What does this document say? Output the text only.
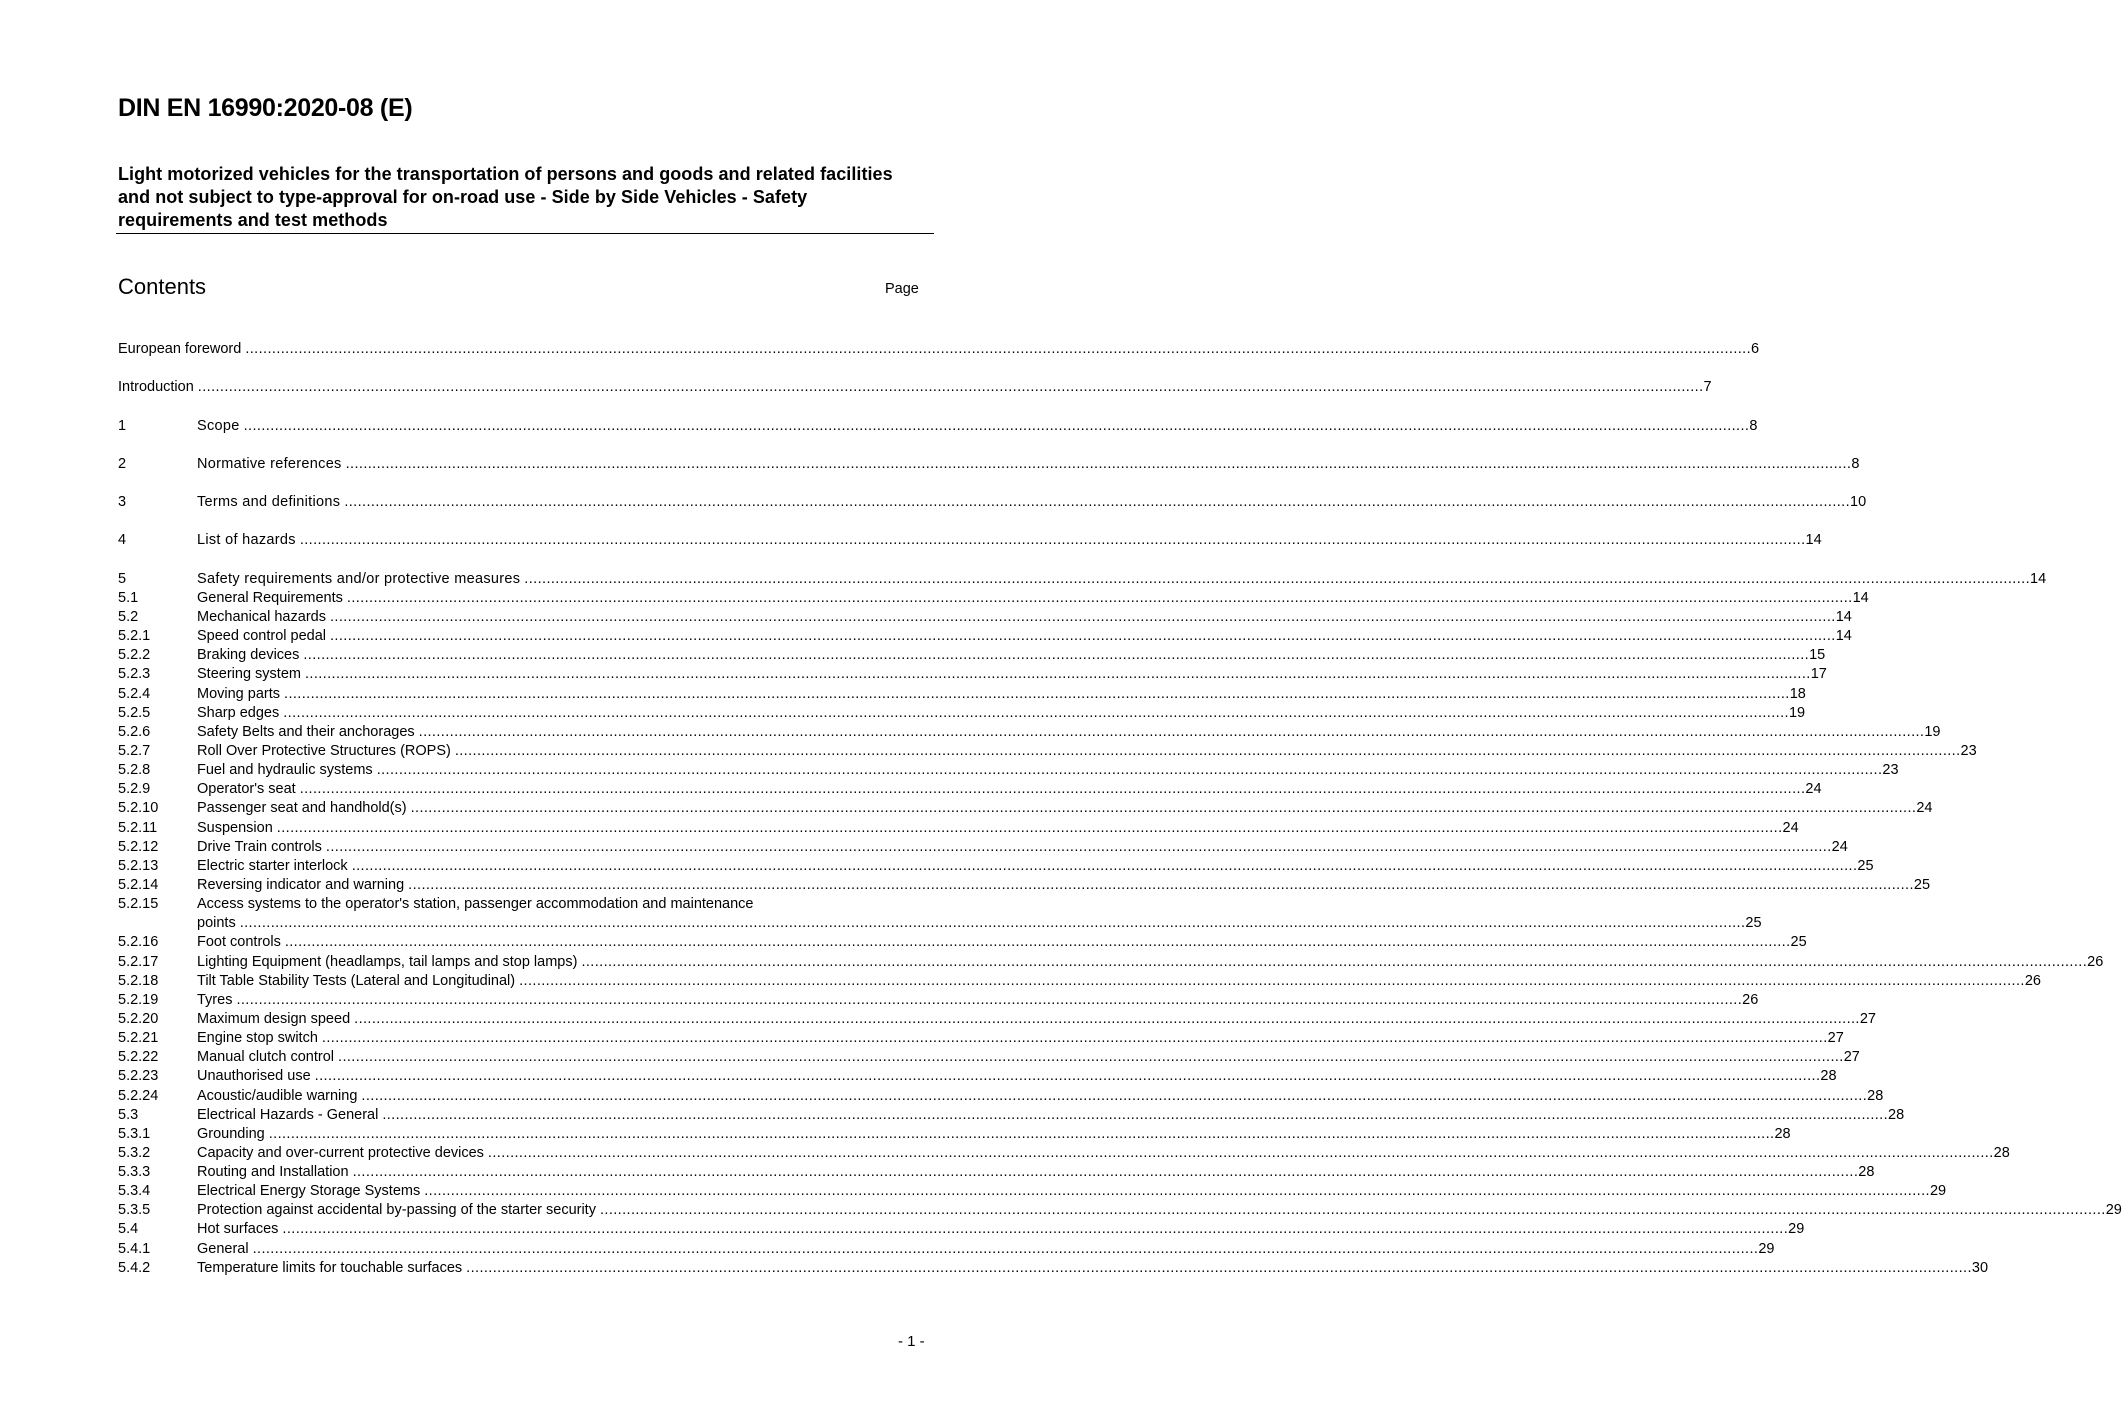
DIN EN 16990:2020-08 (E)
Light motorized vehicles for the transportation of persons and goods and related facilities and not subject to type-approval for on-road use - Side by Side Vehicles - Safety requirements and test methods
Contents	Page
European foreword .....	6
Introduction .....	7
1	Scope .....	8
2	Normative references .....	8
3	Terms and definitions .....	10
4	List of hazards .....	14
5	Safety requirements and/or protective measures .....	14
5.1	General Requirements .....	14
5.2	Mechanical hazards .....	14
5.2.1	Speed control pedal .....	14
5.2.2	Braking devices .....	15
5.2.3	Steering system .....	17
5.2.4	Moving parts .....	18
5.2.5	Sharp edges .....	19
5.2.6	Safety Belts and their anchorages .....	19
5.2.7	Roll Over Protective Structures (ROPS) .....	23
5.2.8	Fuel and hydraulic systems .....	23
5.2.9	Operator's seat .....	24
5.2.10	Passenger seat and handhold(s) .....	24
5.2.11	Suspension .....	24
5.2.12	Drive Train controls .....	24
5.2.13	Electric starter interlock .....	25
5.2.14	Reversing indicator and warning .....	25
5.2.15	Access systems to the operator's station, passenger accommodation and maintenance
points .....	25
5.2.16	Foot controls .....	25
5.2.17	Lighting Equipment (headlamps, tail lamps and stop lamps) .....	26
5.2.18	Tilt Table Stability Tests (Lateral and Longitudinal) .....	26
5.2.19	Tyres .....	26
5.2.20	Maximum design speed .....	27
5.2.21	Engine stop switch .....	27
5.2.22	Manual clutch control .....	27
5.2.23	Unauthorised use .....	28
5.2.24	Acoustic/audible warning .....	28
5.3	Electrical Hazards - General .....	28
5.3.1	Grounding .....	28
5.3.2	Capacity and over-current protective devices .....	28
5.3.3	Routing and Installation .....	28
5.3.4	Electrical Energy Storage Systems .....	29
5.3.5	Protection against accidental by-passing of the starter security .....	29
5.4	Hot surfaces .....	29
5.4.1	General .....	29
5.4.2	Temperature limits for touchable surfaces .....	30
- 1 -
